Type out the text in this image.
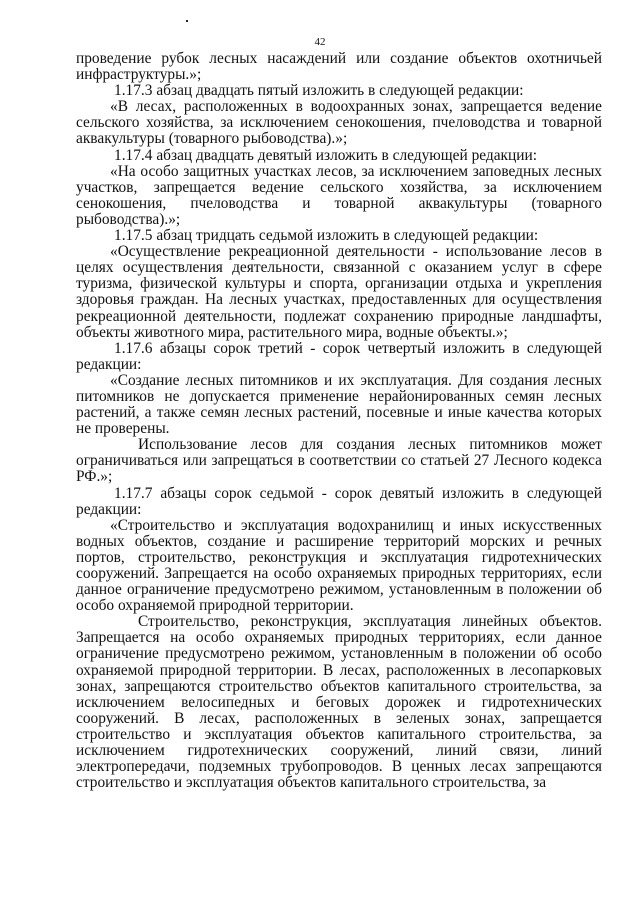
42

проведение рубок лесных насаждений или создание объектов охотничьей инфраструктуры.»;

1.17.3 абзац двадцать пятый изложить в следующей редакции:

«В лесах, расположенных в водоохранных зонах, запрещается ведение сельского хозяйства, за исключением сенокошения, пчеловодства и товарной аквакультуры (товарного рыбоводства).»;

1.17.4 абзац двадцать девятый изложить в следующей редакции:

«На особо защитных участках лесов, за исключением заповедных лесных участков, запрещается ведение сельского хозяйства, за исключением сенокошения, пчеловодства и товарной аквакультуры (товарного рыбоводства).»;

1.17.5 абзац тридцать седьмой изложить в следующей редакции:

«Осуществление рекреационной деятельности - использование лесов в целях осуществления деятельности, связанной с оказанием услуг в сфере туризма, физической культуры и спорта, организации отдыха и укрепления здоровья граждан. На лесных участках, предоставленных для осуществления рекреационной деятельности, подлежат сохранению природные ландшафты, объекты животного мира, растительного мира, водные объекты.»;

1.17.6 абзацы сорок третий - сорок четвертый изложить в следующей редакции:

«Создание лесных питомников и их эксплуатация. Для создания лесных питомников не допускается применение нерайонированных семян лесных растений, а также семян лесных растений, посевные и иные качества которых не проверены.

Использование лесов для создания лесных питомников может ограничиваться или запрещаться в соответствии со статьей 27 Лесного кодекса РФ.»;

1.17.7 абзацы сорок седьмой - сорок девятый изложить в следующей редакции:

«Строительство и эксплуатация водохранилищ и иных искусственных водных объектов, создание и расширение территорий морских и речных портов, строительство, реконструкция и эксплуатация гидротехнических сооружений. Запрещается на особо охраняемых природных территориях, если данное ограничение предусмотрено режимом, установленным в положении об особо охраняемой природной территории.

Строительство, реконструкция, эксплуатация линейных объектов. Запрещается на особо охраняемых природных территориях, если данное ограничение предусмотрено режимом, установленным в положении об особо охраняемой природной территории. В лесах, расположенных в лесопарковых зонах, запрещаются строительство объектов капитального строительства, за исключением велосипедных и беговых дорожек и гидротехнических сооружений. В лесах, расположенных в зеленых зонах, запрещается строительство и эксплуатация объектов капитального строительства, за исключением гидротехнических сооружений, линий связи, линий электропередачи, подземных трубопроводов. В ценных лесах запрещаются строительство и эксплуатация объектов капитального строительства, за
